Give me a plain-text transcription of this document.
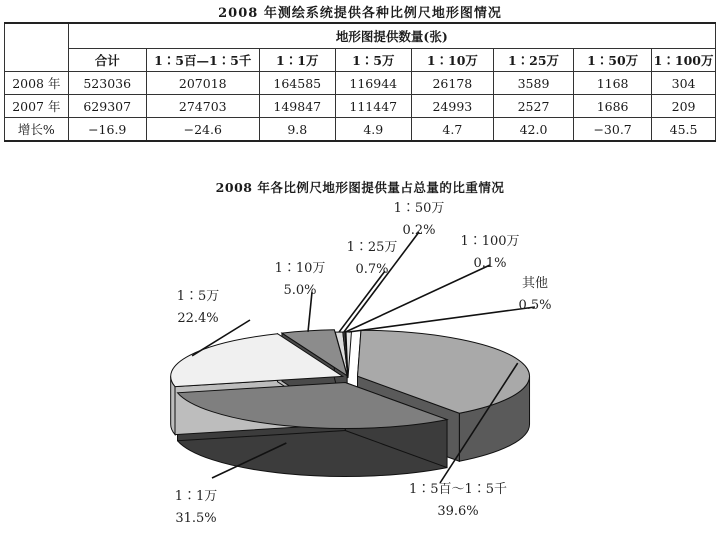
2008 年测绘系统提供各种比例尺地形图情况
	地形图提供数量(张)							
	合计	1∶5百—1∶5千	1∶1万	1∶5万	1∶10万	1∶25万	1∶50万	1∶100万
2008 年	523036	207018	164585	116944	26178	3589	1168	304
2007 年	629307	274703	149847	111447	24993	2527	1686	209
增长%	−16.9	−24.6	9.8	4.9	4.7	42.0	−30.7	45.5
2008 年各比例尺地形图提供量占总量的比重情况
1∶5百～1∶5千
39.6%
1∶1万
31.5%
1∶5万
22.4%
1∶10万
5.0%
1∶25万
0.7%
1∶50万
0.2%
1∶100万
0.1%
其他
0.5%
